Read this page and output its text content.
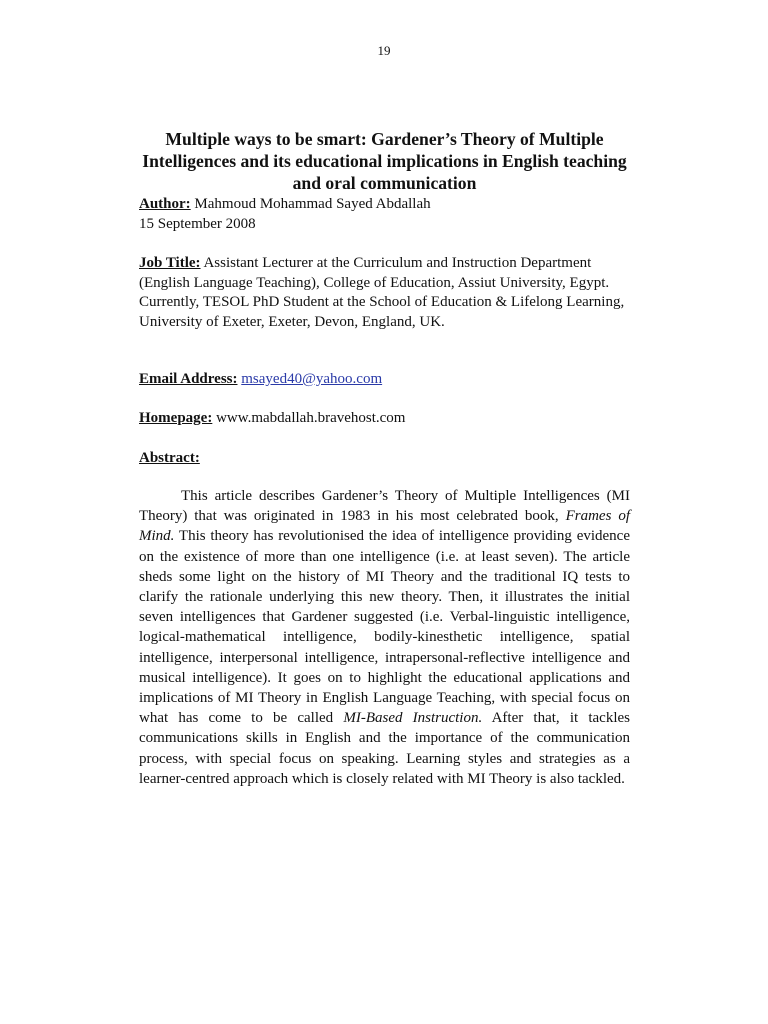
19
Multiple ways to be smart: Gardener’s Theory of Multiple Intelligences and its educational implications in English teaching and oral communication

Author: Mahmoud Mohammad Sayed Abdallah

15 September 2008

Job Title: Assistant Lecturer at the Curriculum and Instruction Department (English Language Teaching), College of Education, Assiut University, Egypt. Currently, TESOL PhD Student at the School of Education & Lifelong Learning, University of Exeter, Exeter, Devon, England, UK.

Email Address: msayed40@yahoo.com

Homepage: www.mabdallah.bravehost.com

Abstract:

This article describes Gardener’s Theory of Multiple Intelligences (MI Theory) that was originated in 1983 in his most celebrated book, Frames of Mind. This theory has revolutionised the idea of intelligence providing evidence on the existence of more than one intelligence (i.e. at least seven). The article sheds some light on the history of MI Theory and the traditional IQ tests to clarify the rationale underlying this new theory. Then, it illustrates the initial seven intelligences that Gardener suggested (i.e. Verbal-linguistic intelligence, logical-mathematical intelligence, bodily-kinesthetic intelligence, spatial intelligence, interpersonal intelligence, intrapersonal-reflective intelligence and musical intelligence). It goes on to highlight the educational applications and implications of MI Theory in English Language Teaching, with special focus on what has come to be called MI-Based Instruction. After that, it tackles communications skills in English and the importance of the communication process, with special focus on speaking. Learning styles and strategies as a learner-centred approach which is closely related with MI Theory is also tackled.
